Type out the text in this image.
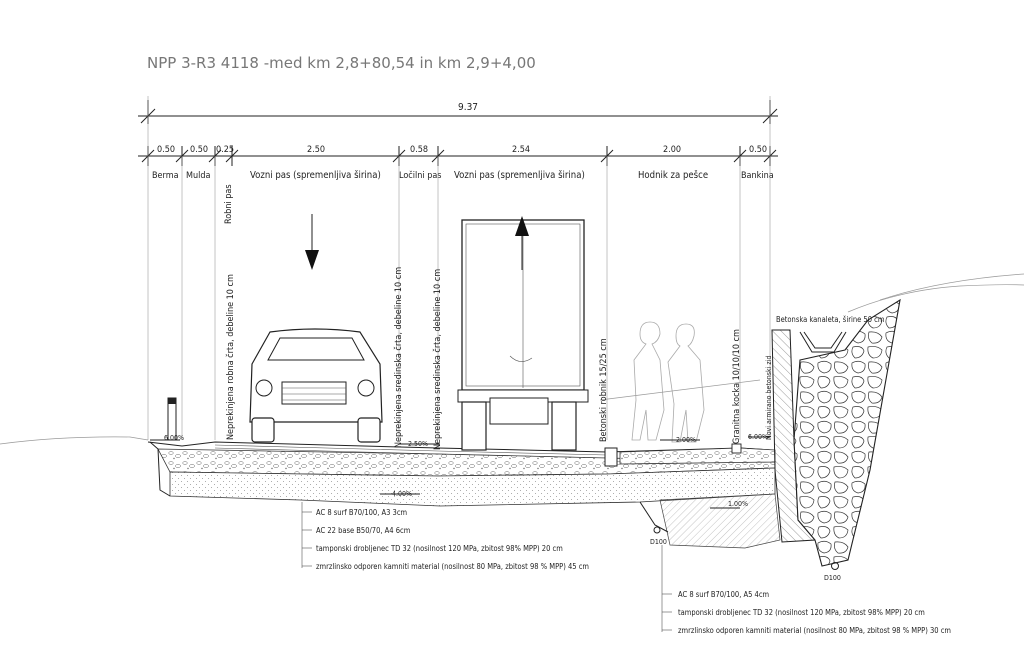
NPP 3-R3 4118 -med km 2,8+80,54 in km 2,9+4,00
9.37
0.50 0.50 0.25	2.50	0.58	2.54	2.00	0.50
Berma Mulda
Robni pas
Vozni pas (spremenljiva širina) Ločilni pas Vozni pas (spremenljiva širina)	Hodnik za pešce	Bankina
Neprekinjena robna črta, debeline 10 cm	Neprekinjena sredinska črta, debeline 10 cm	Neprekinjena sredinska črta, debeline 10 cm	Betonski robnik 15/25 cm	Granitna kocka 10/10/10 cm	Novi armirano betonski zid
Betonska kanaleta, širine 50 cm
6.00%
2.50%	2.00%	6.00%
4.00%
1.00%
D100
D100
AC 8 surf B70/100, A3 3cm
AC 22 base B50/70, A4 6cm
tamponski drobljenec TD 32 (nosilnost 120 MPa, zbitost 98% MPP) 20 cm
zmrzlinsko odporen kamniti material (nosilnost 80 MPa, zbitost 98 % MPP) 45 cm
AC 8 surf B70/100, A5 4cm
tamponski drobljenec TD 32 (nosilnost 120 MPa, zbitost 98% MPP) 20 cm
zmrzlinsko odporen kamniti material (nosilnost 80 MPa, zbitost 98 % MPP) 30 cm
